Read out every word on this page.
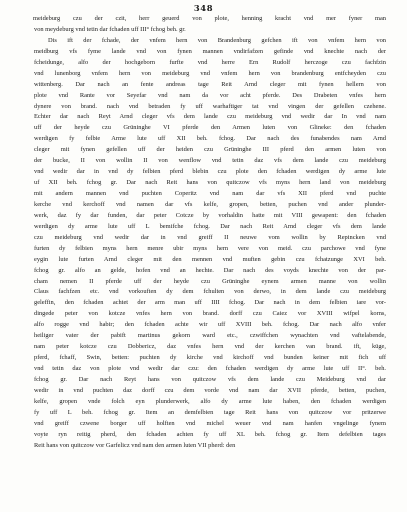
348
meideburg czu der czit, herr geuerd von plote, henning kracht vnd mer fyner man
von meydeburg vnd tetin dar fchaden uff III° fchog beh. gr.
Dis ift der fchade, der vnfem hern von Brandenburg gefchen ift von vnfem hern von
meidburg vfs fyme lande vnd von fynen mannen vndirfafzen gefinde vnd knechte nach der
fcheidunge, alfo der hochgeborn furfte vnd herre Ern Rudolf herczoge czu fachfzin
vnd lunenborg vnfem hern von meideburg vnd vnfem hern von brandenburg entfcheyden czu
wittenberg. Dar nach an fente andreas tage Reit Arnd cleger mit fynen hellern von
plote vnd Rante vor Seyefar vnd nam da vor acht pferde. Des Drabeten vnfes hern
dynere von brand. nach vnd betraden fy uff warhaftiger tat vnd vingen der gefellen czehene.
Echter dar nach Reyt Arnd cleger vfs dem lande czu meideburg vnd wedir dar In vnd nam
uff der heyde czu Grüninghe VI pferde den Armen luten von Glineke: den fchaden
werdigen fy felbie Arme lute uff XII beh. fchog. Dar nach des funabendes nam Arnd
cleger mit fynen gefellen uff der heiden czu Grüninghe III pferd den armen luten von
der bucke, II von wollin II von wenflow vnd tetin daz vfs dem lande czu meideburg
vnd wedir dar in vnd dy felbien pferd blebin czu plote den fchaden werdigen dy arme lute
uf XII beh. fchog gr. Dar nach Reit hans von quitczow vfs myns hern land von meideburg
mit andern mannen vnd puchten Coperitz vnd nam dar vfs XII pferd vnd puchte
kerche vnd kerchoff vnd namen dar vfs kelfe, gropen, betten, puchen vnd ander plunder-
werk, daz fy dar funden, dar peter Cotcze by vorhaldin hatte mit VIII gewapent: den fchaden
werdigen dy arme lute uff L bemifche fchog. Dar nach Reit Arnd cleger vfs dem lande
czu meideburg vnd wedir dar in vnd greiff II neuwe vom wollin by Repincken vnd
furten dy felbien myns hern menre ubir myns hern vere von meid. czu parchowe vnd fyne
eygin lute furten Arnd cleger mit den mennen vnd muften gebin czu fchatzunge XVI beh.
fchog gr. alfo an gelde, hofen vnd an hechte. Dar nach des voyds knechte von der par-
cham nemen II pferde uff der heyde czu Grüninghe eynem armen manne von wollin
Claus fachfzen etc. vnd vorkouften dy dem fchulten von derwo, in dem lande czu meideburg
geleffin, den fchaden achtet der arm man uff IIII fchog. Dar nach in dem felbien iare vor-
dingede peter von kotcze vnfes hern von brand. dorff czu Caiez vor XVIII wifpel korns,
alfo rogge vnd habir; den fchaden achte wir uff XVIII beh. fchog. Dar nach alfo vnfer
heiliger vater der pabift martinus gekorn ward etc., czwiffchen wynachten vnd vaftelabende,
nam peter kotcze czu Dobbericz, daz vnfes hern vnd der kerchen van brand. ift, küge,
pferd, fchaff, Swin, betten: puchten dy kirche vnd kirchoff vnd bunden keiner mit fich uff
vnd tetin daz von plote vnd wedir dar czu: den fchaden werdigen dy arme lute uff II°. beh.
fchog gr. Dar nach Reyt hans von quitczow vfs dem lande czu Meideburg vnd dar
wedir in vnd puchten daz dorff czu dem vorde vnd nam dar XVII pferde, betten, puchen,
kelfe, gropen vnde folch eyn plunderwerk, alfo dy arme lute haben, den fchaden werdigen
fy uff L beh. fchog gr. Item an demfelbien tage Reit hans von quitczow vor pritzerwe
vnd greiff czwene borger uff holften vnd michel weuer vnd nam hanfen vngelinge fynem
voyte ryn reitig pherd, den fchaden achten fy uff XL beh. fchog gr. Item defelbien tages
Reit hans von quitczow vor Garfelicz vnd nam den armen luten VII pherd: den
